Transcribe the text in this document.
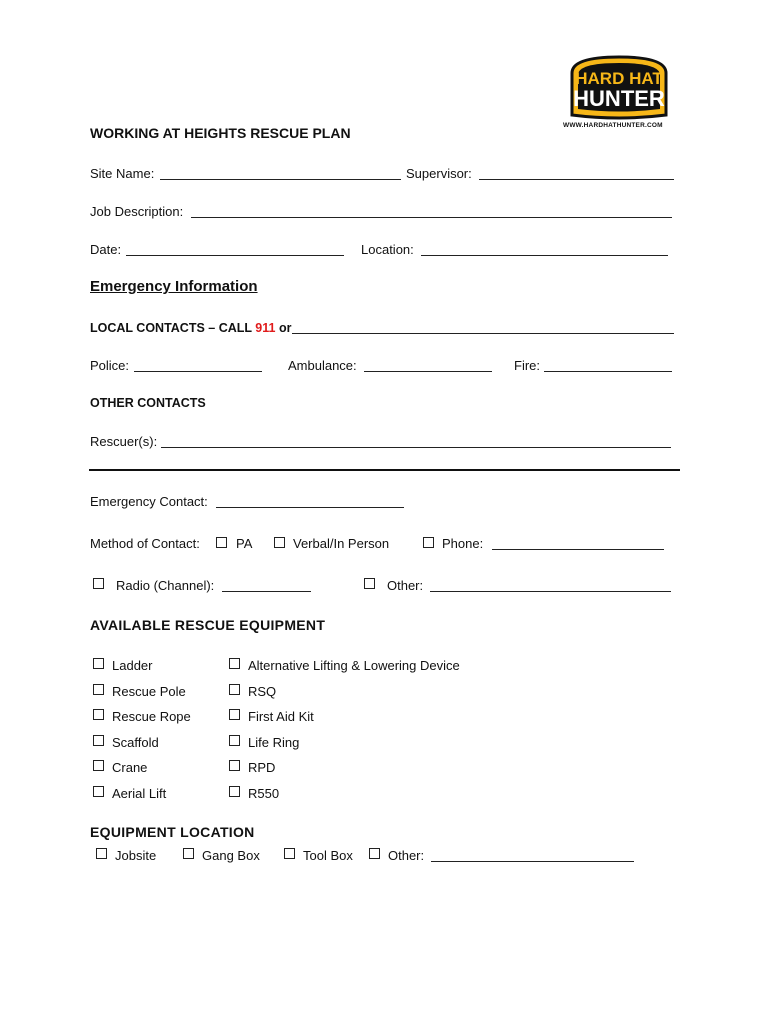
HARD HAT
HUNTER
WWW.HARDHATHUNTER.COM
WORKING AT HEIGHTS RESCUE PLAN
Site Name:	Supervisor:
Job Description:
Date:	Location:
Emergency Information
LOCAL CONTACTS – CALL 911 or
Police:	Ambulance:	Fire:
OTHER CONTACTS
Rescuer(s):
Emergency Contact:
Method of Contact:	PA	Verbal/In Person	Phone:
Radio (Channel):	Other:
AVAILABLE RESCUE EQUIPMENT
Ladder
Rescue Pole
Rescue Rope
Scaffold
Crane
Aerial Lift
Alternative Lifting & Lowering Device
RSQ
First Aid Kit
Life Ring
RPD
R550
EQUIPMENT LOCATION
Jobsite	Gang Box	Tool Box	Other:
